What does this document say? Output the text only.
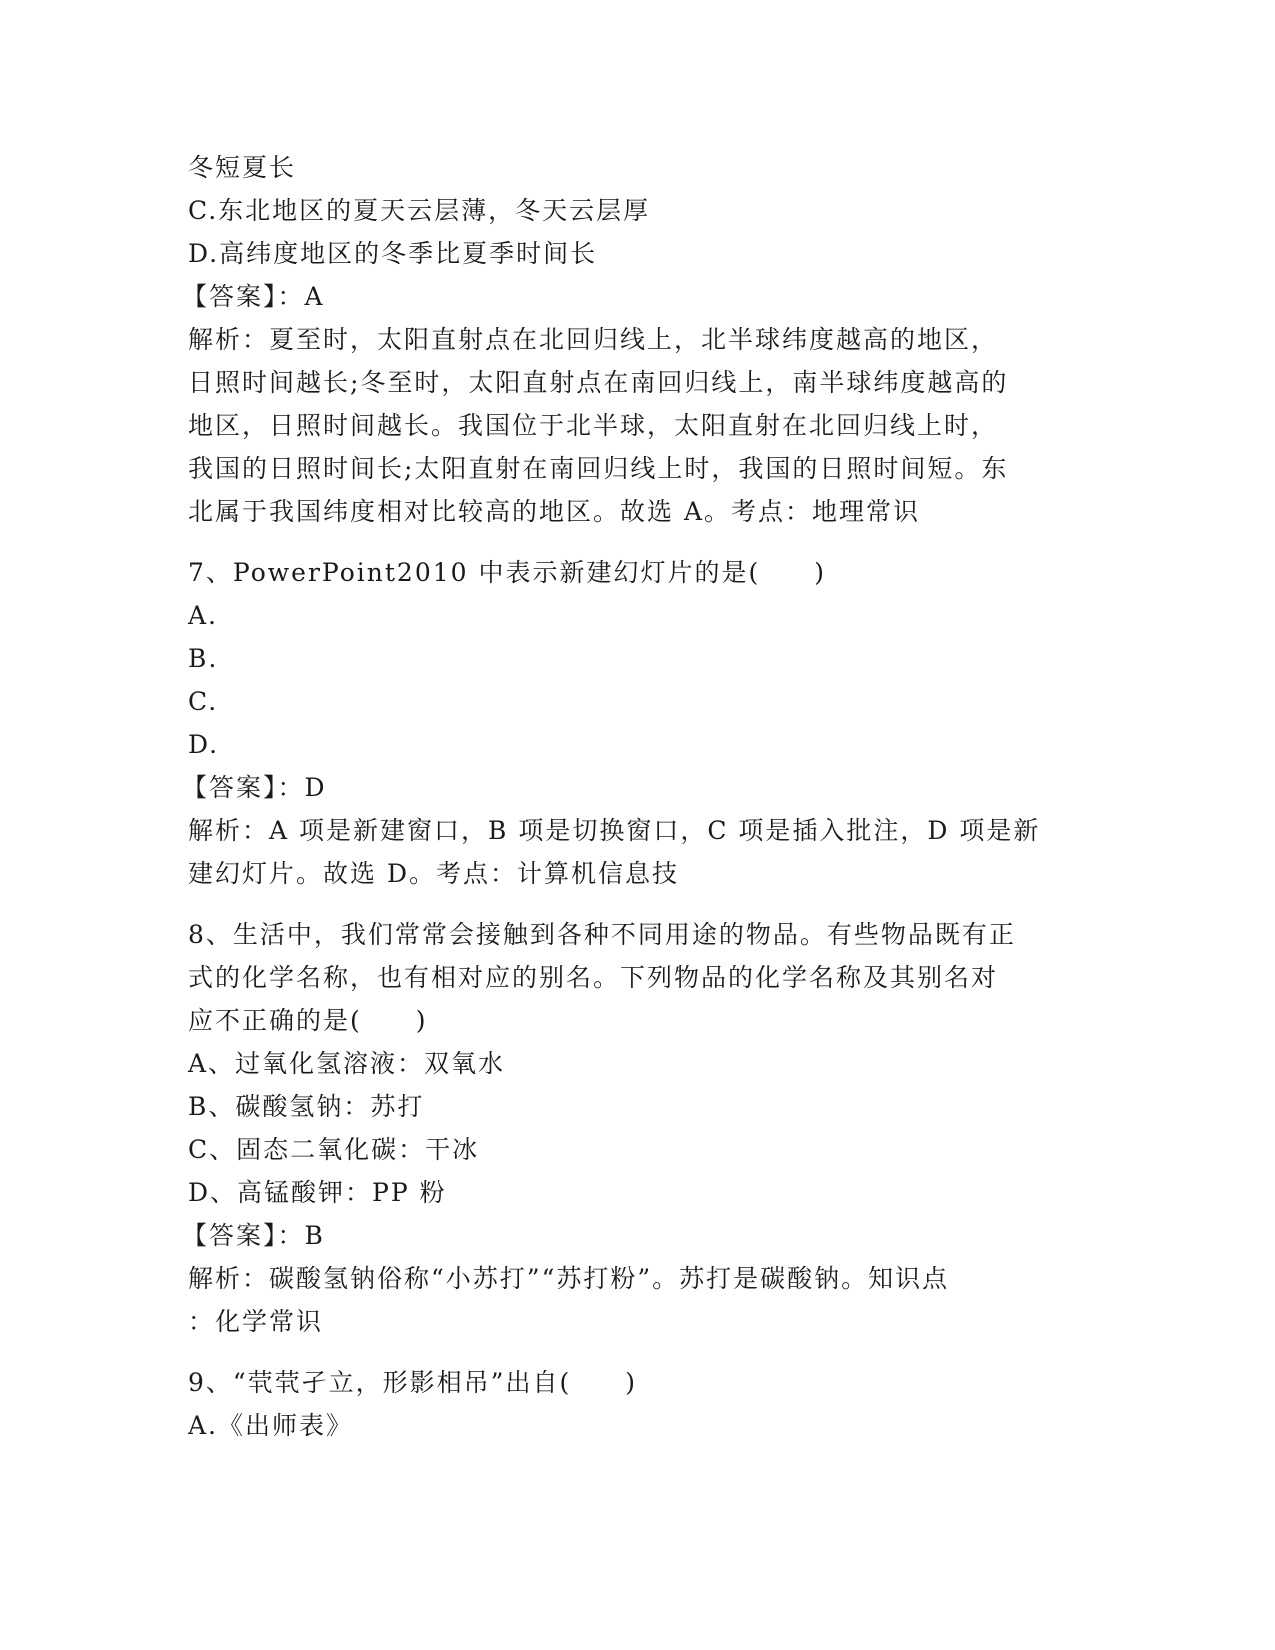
冬短夏长
C.东北地区的夏天云层薄，冬天云层厚
D.高纬度地区的冬季比夏季时间长
【答案】：A
解析：夏至时，太阳直射点在北回归线上，北半球纬度越高的地区，
日照时间越长;冬至时，太阳直射点在南回归线上，南半球纬度越高的
地区，日照时间越长。我国位于北半球，太阳直射在北回归线上时，
我国的日照时间长;太阳直射在南回归线上时，我国的日照时间短。东
北属于我国纬度相对比较高的地区。故选 A。考点：地理常识
7、PowerPoint2010 中表示新建幻灯片的是(　　)
A.
B.
C.
D.
【答案】：D
解析：A 项是新建窗口，B 项是切换窗口，C 项是插入批注，D 项是新
建幻灯片。故选 D。考点：计算机信息技
8、生活中，我们常常会接触到各种不同用途的物品。有些物品既有正
式的化学名称，也有相对应的别名。下列物品的化学名称及其别名对
应不正确的是(　　)
A、过氧化氢溶液：双氧水
B、碳酸氢钠：苏打
C、固态二氧化碳：干冰
D、高锰酸钾：PP 粉
【答案】：B
解析：碳酸氢钠俗称“小苏打”“苏打粉”。苏打是碳酸钠。知识点
：化学常识
9、“茕茕孑立，形影相吊”出自(　　)
A.《出师表》
